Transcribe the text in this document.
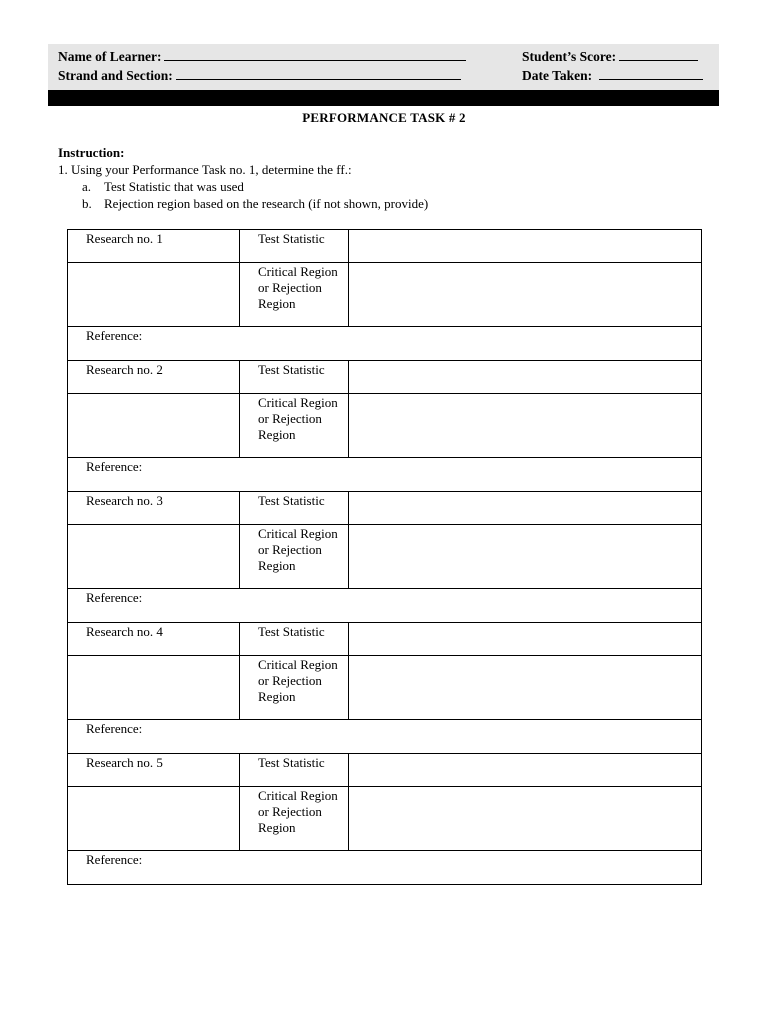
Name of Learner:	Student’s Score:
Strand and Section:	Date Taken:
PERFORMANCE TASK # 2
Instruction:
1. Using your Performance Task no. 1, determine the ff.:
a. Test Statistic that was used
b. Rejection region based on the research (if not shown, provide)
Research no. 1	Test Statistic	
	Critical Region or Rejection Region	
Reference:		
Research no. 2	Test Statistic	
	Critical Region or Rejection Region	
Reference:		
Research no. 3	Test Statistic	
	Critical Region or Rejection Region	
Reference:		
Research no. 4	Test Statistic	
	Critical Region or Rejection Region	
Reference:		
Research no. 5	Test Statistic	
	Critical Region or Rejection Region	
Reference:		
